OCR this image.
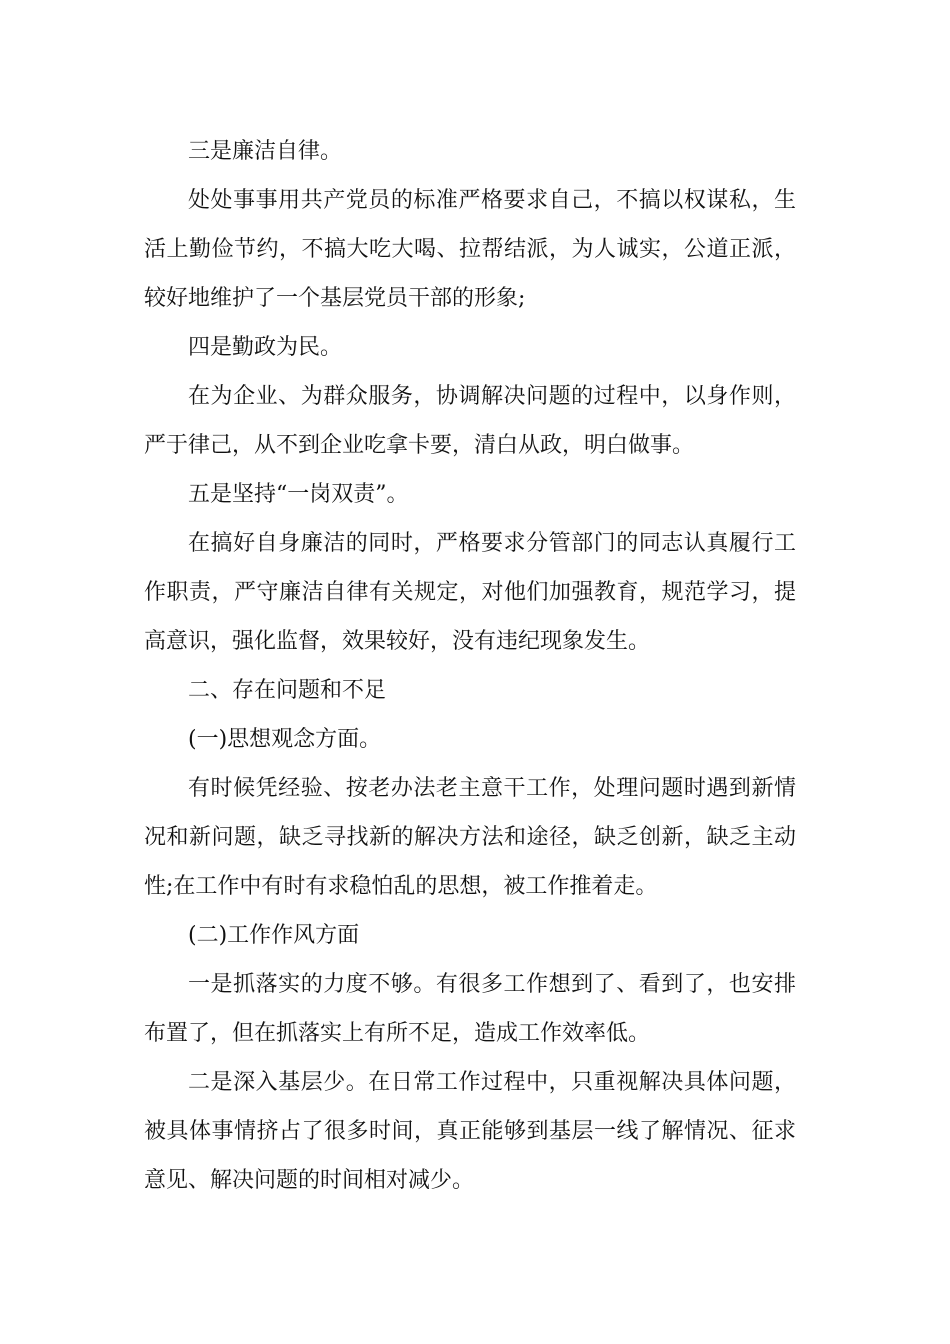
三是廉洁自律。

处处事事用共产党员的标准严格要求自己，不搞以权谋私，生活上勤俭节约，不搞大吃大喝、拉帮结派，为人诚实，公道正派，较好地维护了一个基层党员干部的形象;

四是勤政为民。

在为企业、为群众服务，协调解决问题的过程中，以身作则，严于律己，从不到企业吃拿卡要，清白从政，明白做事。

五是坚持“一岗双责”。

在搞好自身廉洁的同时，严格要求分管部门的同志认真履行工作职责，严守廉洁自律有关规定，对他们加强教育，规范学习，提高意识，强化监督，效果较好，没有违纪现象发生。

二、存在问题和不足

(一)思想观念方面。

有时候凭经验、按老办法老主意干工作，处理问题时遇到新情况和新问题，缺乏寻找新的解决方法和途径，缺乏创新，缺乏主动性;在工作中有时有求稳怕乱的思想，被工作推着走。

(二)工作作风方面

一是抓落实的力度不够。有很多工作想到了、看到了，也安排布置了，但在抓落实上有所不足，造成工作效率低。

二是深入基层少。在日常工作过程中，只重视解决具体问题，被具体事情挤占了很多时间，真正能够到基层一线了解情况、征求意见、解决问题的时间相对减少。
